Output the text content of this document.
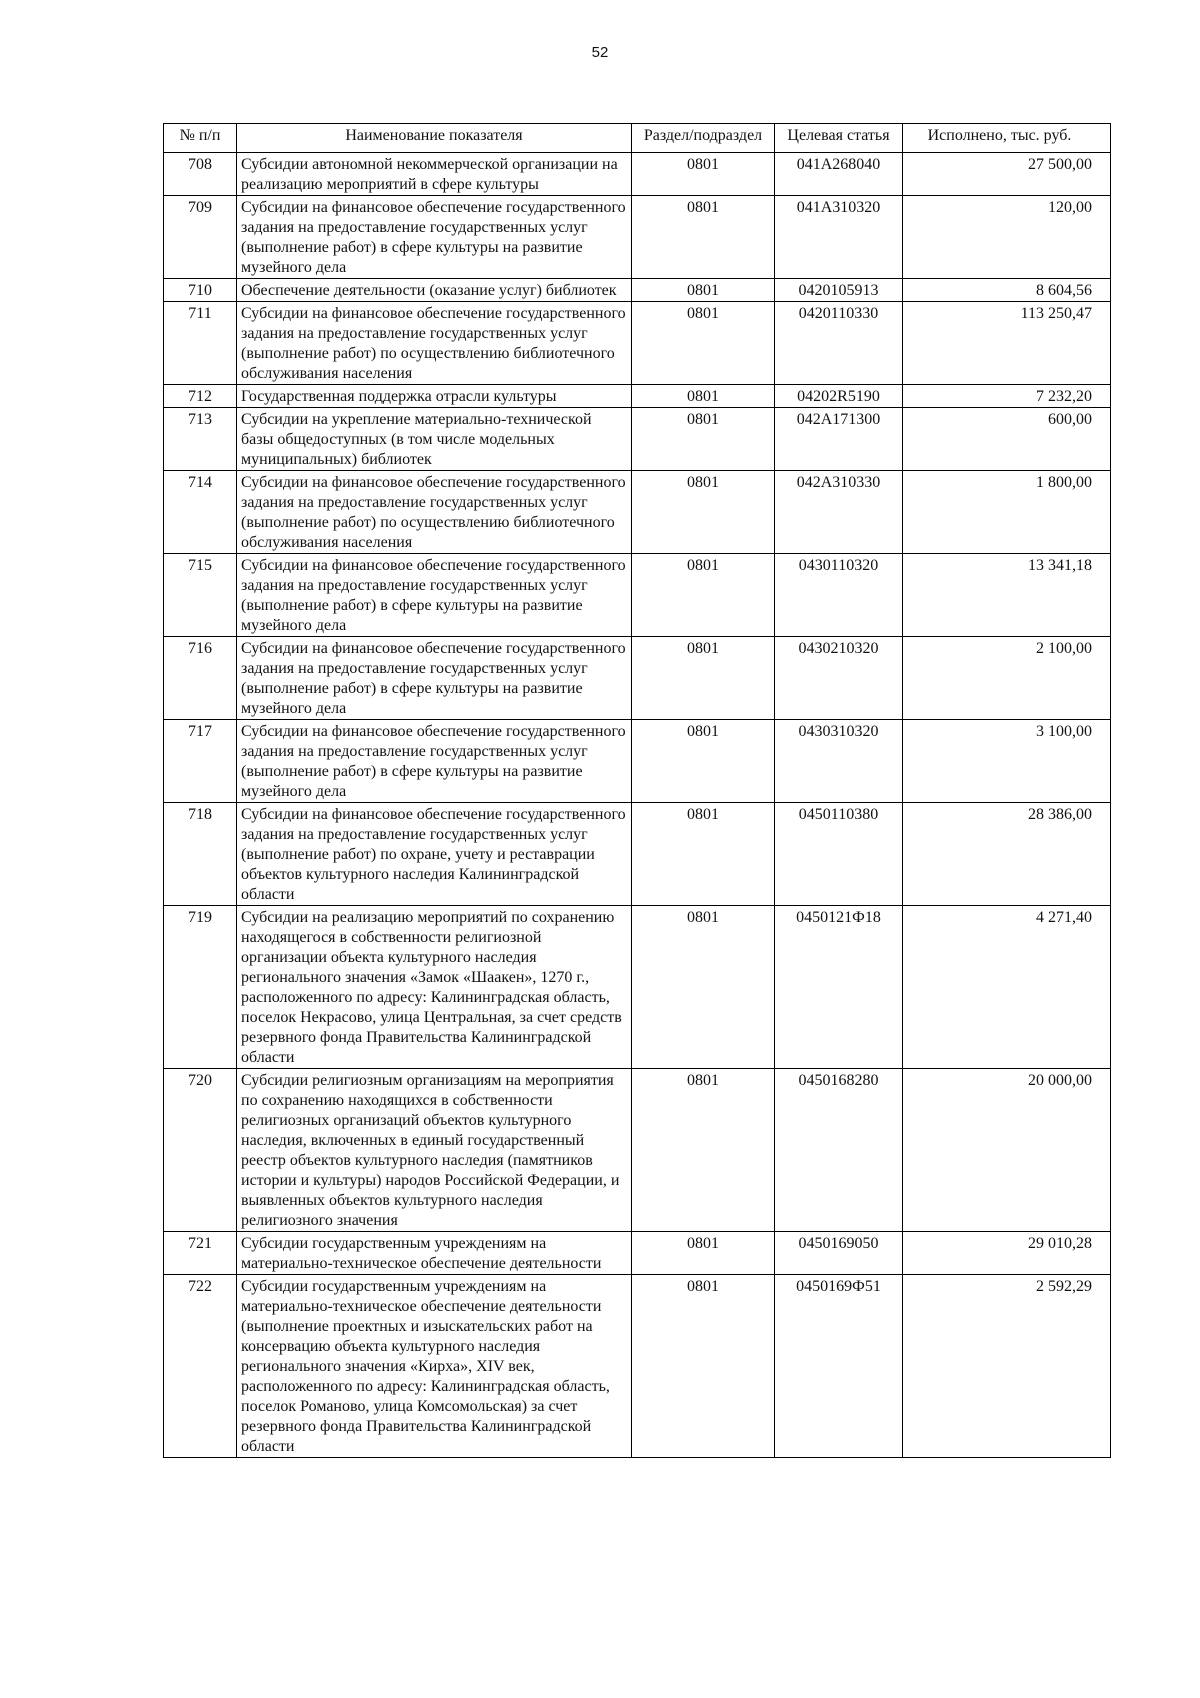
52
№ п/п	Наименование показателя	Раздел/подраздел	Целевая статья	Исполнено, тыс. руб.
708	Субсидии автономной некоммерческой организации на реализацию мероприятий в сфере культуры	0801	041A268040	27 500,00
709	Субсидии на финансовое обеспечение государственного задания на предоставление государственных услуг (выполнение работ) в сфере культуры на развитие музейного дела	0801	041A310320	120,00
710	Обеспечение деятельности (оказание услуг) библиотек	0801	0420105913	8 604,56
711	Субсидии на финансовое обеспечение государственного задания на предоставление государственных услуг (выполнение работ) по осуществлению библиотечного обслуживания населения	0801	0420110330	113 250,47
712	Государственная поддержка отрасли культуры	0801	04202R5190	7 232,20
713	Субсидии на укрепление материально-технической базы общедоступных (в том числе модельных муниципальных) библиотек	0801	042A171300	600,00
714	Субсидии на финансовое обеспечение государственного задания на предоставление государственных услуг (выполнение работ) по осуществлению библиотечного обслуживания населения	0801	042A310330	1 800,00
715	Субсидии на финансовое обеспечение государственного задания на предоставление государственных услуг (выполнение работ) в сфере культуры на развитие музейного дела	0801	0430110320	13 341,18
716	Субсидии на финансовое обеспечение государственного задания на предоставление государственных услуг (выполнение работ) в сфере культуры на развитие музейного дела	0801	0430210320	2 100,00
717	Субсидии на финансовое обеспечение государственного задания на предоставление государственных услуг (выполнение работ) в сфере культуры на развитие музейного дела	0801	0430310320	3 100,00
718	Субсидии на финансовое обеспечение государственного задания на предоставление государственных услуг (выполнение работ) по охране, учету и реставрации объектов культурного наследия Калининградской области	0801	0450110380	28 386,00
719	Субсидии на реализацию мероприятий по сохранению находящегося в собственности религиозной организации объекта культурного наследия регионального значения «Замок «Шаакен», 1270 г., расположенного по адресу: Калининградская область, поселок Некрасово, улица Центральная, за счет средств резервного фонда Правительства Калининградской области	0801	0450121Ф18	4 271,40
720	Субсидии религиозным организациям на мероприятия по сохранению находящихся в собственности религиозных организаций объектов культурного наследия, включенных в единый государственный реестр объектов культурного наследия (памятников истории и культуры) народов Российской Федерации, и выявленных объектов культурного наследия религиозного значения	0801	0450168280	20 000,00
721	Субсидии государственным учреждениям на материально-техническое обеспечение деятельности	0801	0450169050	29 010,28
722	Субсидии государственным учреждениям на материально-техническое обеспечение деятельности (выполнение проектных и изыскательских работ на консервацию объекта культурного наследия регионального значения «Кирха», XIV век, расположенного по адресу: Калининградская область, поселок Романово, улица Комсомольская) за счет резервного фонда Правительства Калининградской области	0801	0450169Ф51	2 592,29
